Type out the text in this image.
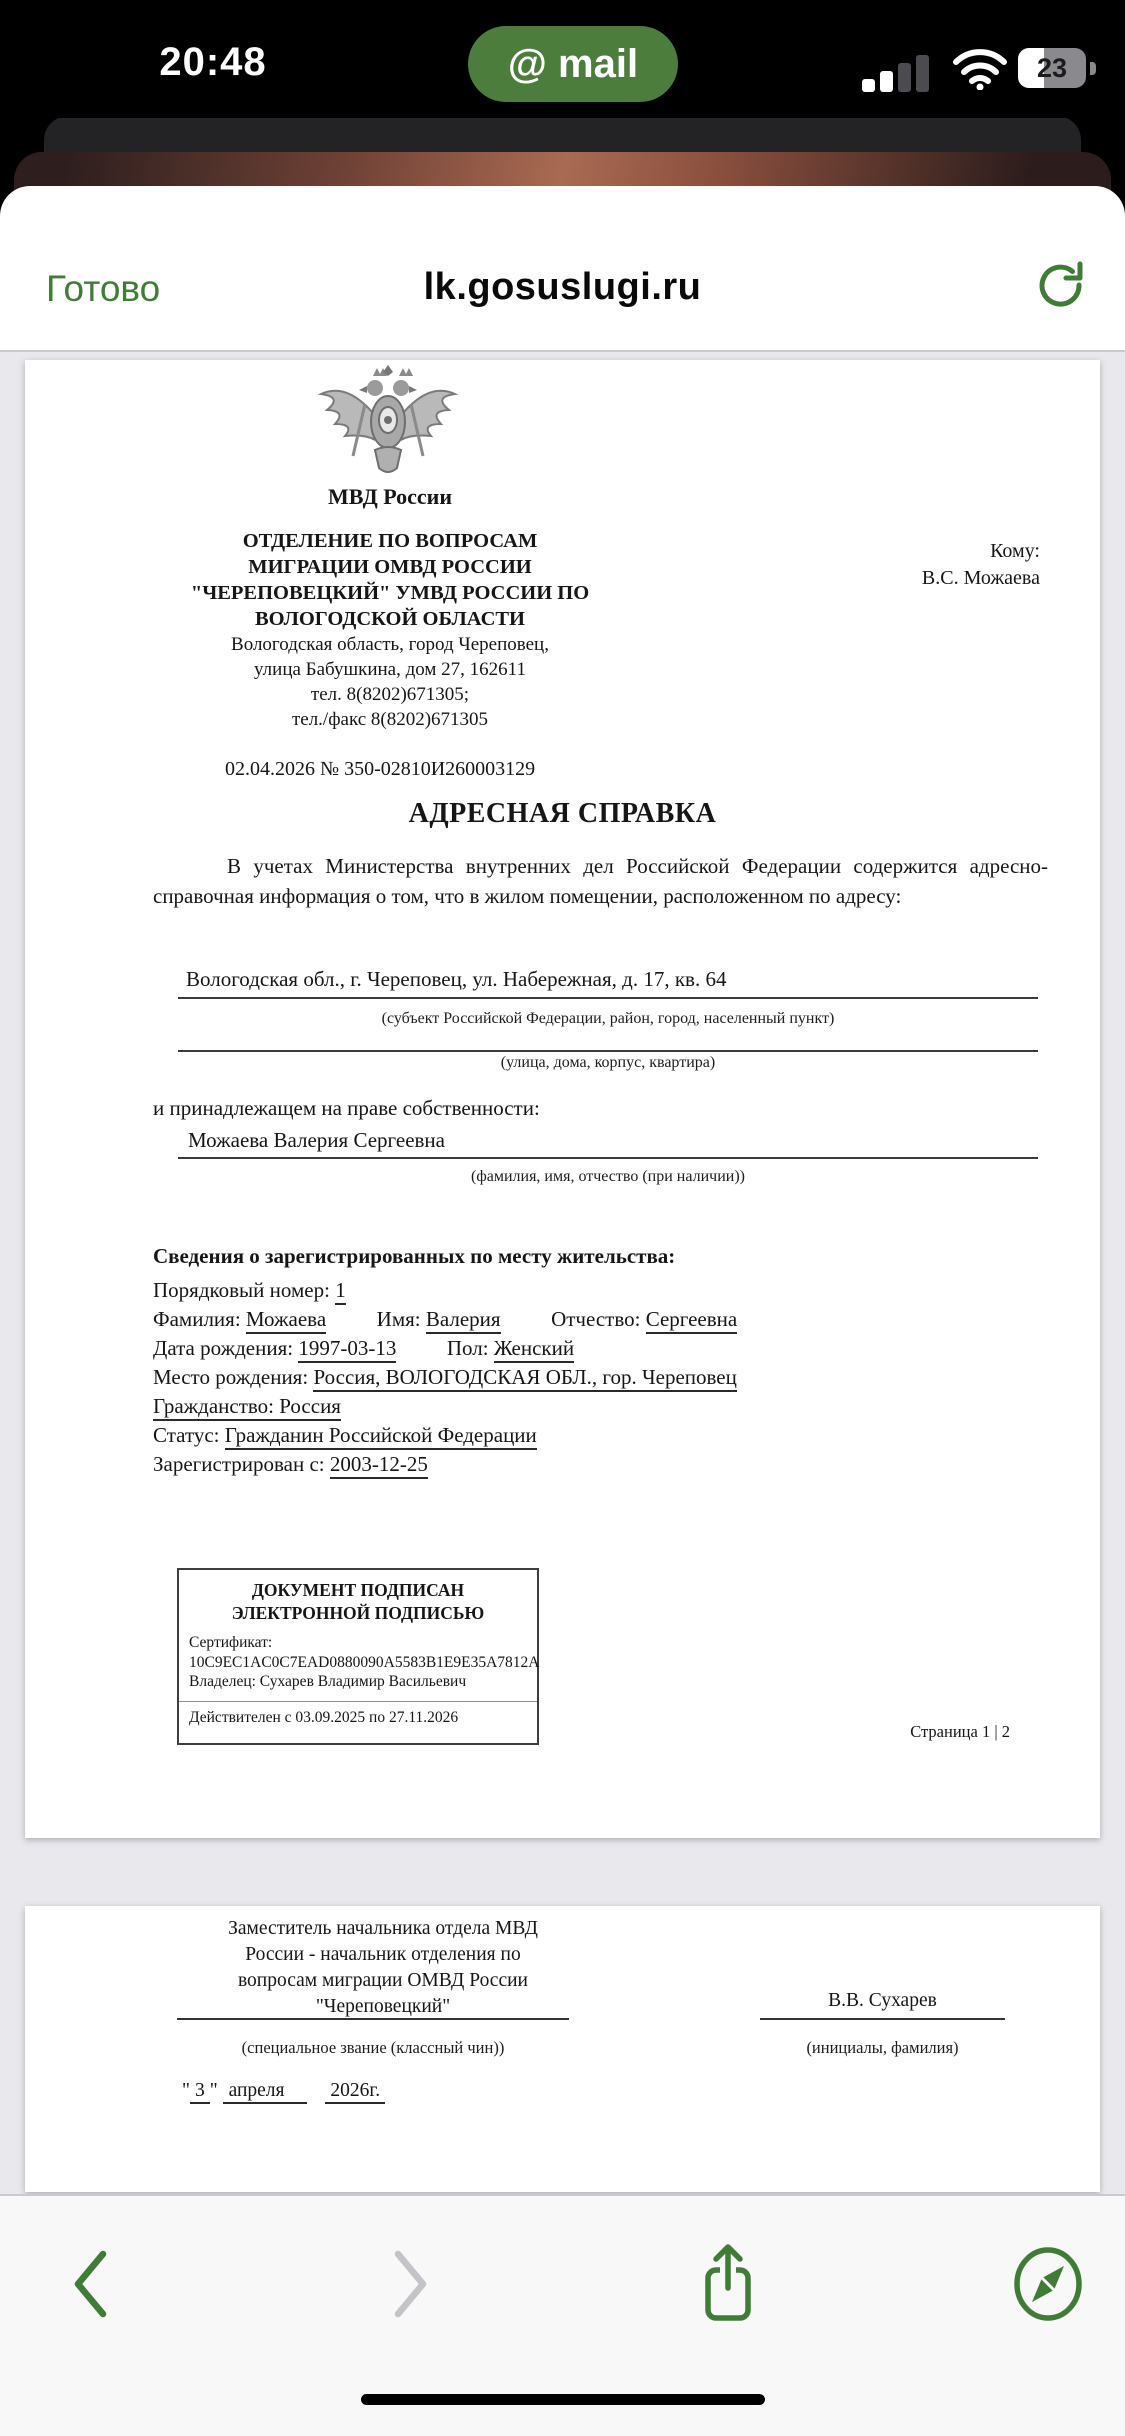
20:48	@ mail	23
Готово	lk.gosuslugi.ru
МВД России
ОТДЕЛЕНИЕ ПО ВОПРОСАМ
МИГРАЦИИ ОМВД РОССИИ
"ЧЕРЕПОВЕЦКИЙ" УМВД РОССИИ ПО
ВОЛОГОДСКОЙ ОБЛАСТИ
Вологодская область, город Череповец,
улица Бабушкина, дом 27, 162611
тел. 8(8202)671305;
тел./факс 8(8202)671305
Кому:
В.С. Можаева
02.04.2026 № 350-02810И260003129
АДРЕСНАЯ СПРАВКА
В учетах Министерства внутренних дел Российской Федерации содержится адресно-справочная информация о том, что в жилом помещении, расположенном по адресу:
Вологодская обл., г. Череповец, ул. Набережная, д. 17, кв. 64
(субъект Российской Федерации, район, город, населенный пункт)
(улица, дома, корпус, квартира)
и принадлежащем на праве собственности:
Можаева Валерия Сергеевна
(фамилия, имя, отчество (при наличии))
Сведения о зарегистрированных по месту жительства:
Порядковый номер: 1
Фамилия: Можаева Имя: Валерия Отчество: Сергеевна
Дата рождения: 1997-03-13 Пол: Женский
Место рождения: Россия, ВОЛОГОДСКАЯ ОБЛ., гор. Череповец
Гражданство: Россия
Статус: Гражданин Российской Федерации
Зарегистрирован с: 2003-12-25
ДОКУМЕНТ ПОДПИСАН
ЭЛЕКТРОННОЙ ПОДПИСЬЮ
Сертификат:
10C9EC1AC0C7EAD0880090A5583B1E9E35A7812A
Владелец: Сухарев Владимир Васильевич
Действителен с 03.09.2025 по 27.11.2026
Страница 1 | 2
Заместитель начальника отдела МВД
России - начальник отделения по
вопросам миграции ОМВД России
"Череповецкий"	В.В. Сухарев
(специальное звание (классный чин))	(инициалы, фамилия)
" 3 " апреля 2026г.
